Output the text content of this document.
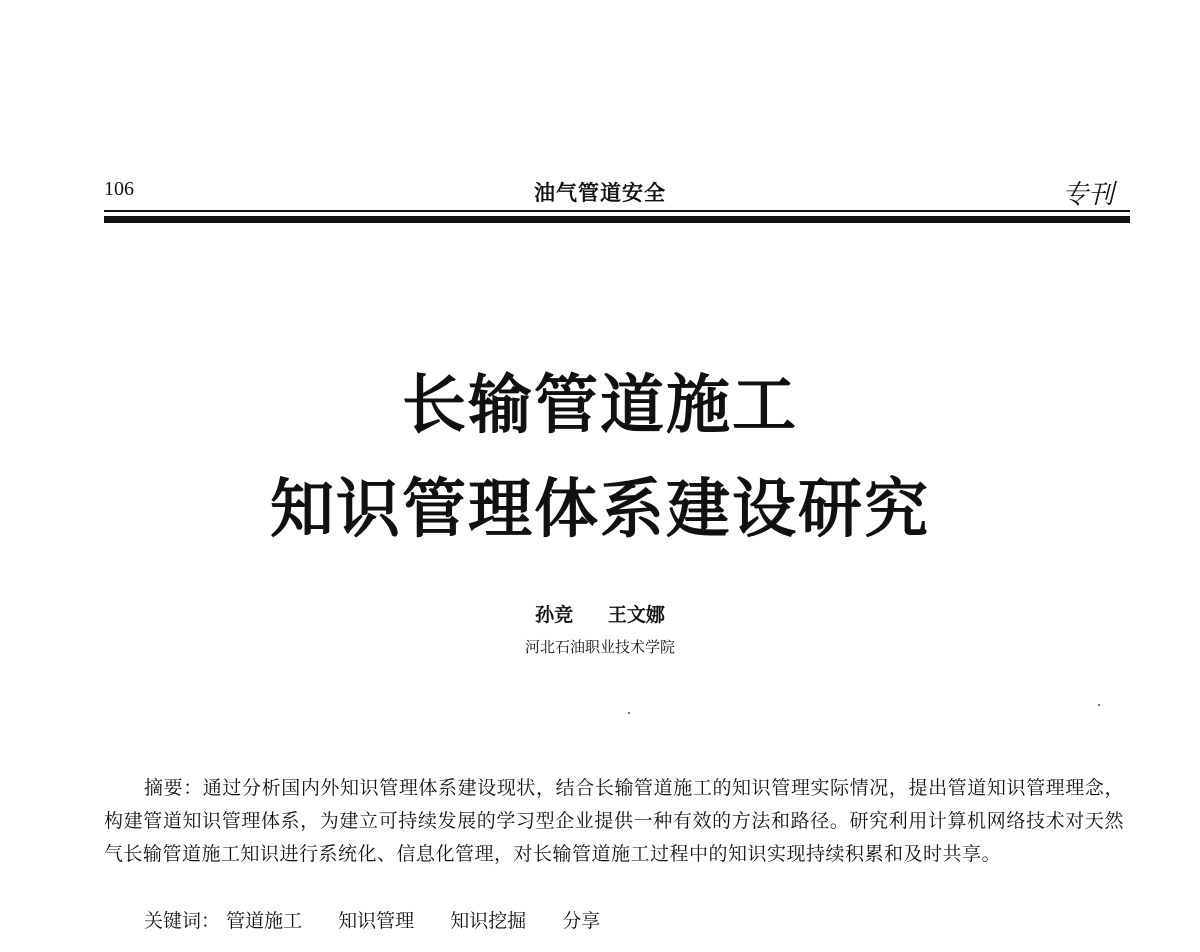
106	油气管道安全	专刊
长输管道施工
知识管理体系建设研究
孙竞 王文娜
河北石油职业技术学院
摘要：通过分析国内外知识管理体系建设现状，结合长输管道施工的知识管理实际情况，提出管道知识管理理念，构建管道知识管理体系，为建立可持续发展的学习型企业提供一种有效的方法和路径。研究利用计算机网络技术对天然气长输管道施工知识进行系统化、信息化管理，对长输管道施工过程中的知识实现持续积累和及时共享。
关键词： 管道施工 知识管理 知识挖掘 分享
